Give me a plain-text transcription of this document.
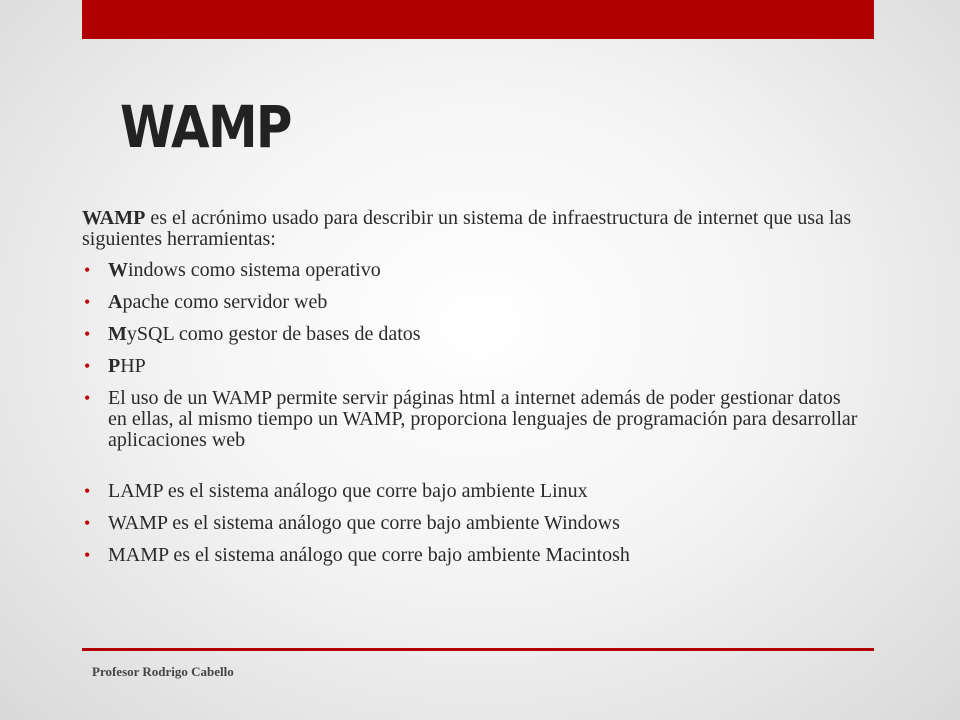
WAMP

WAMP es el acrónimo usado para describir un sistema de infraestructura de internet que usa las siguientes herramientas:

• Windows como sistema operativo
• Apache como servidor web
• MySQL como gestor de bases de datos
• PHP
• El uso de un WAMP permite servir páginas html a internet además de poder gestionar datos en ellas, al mismo tiempo un WAMP, proporciona lenguajes de programación para desarrollar aplicaciones web
• LAMP es el sistema análogo que corre bajo ambiente Linux
• WAMP es el sistema análogo que corre bajo ambiente Windows
• MAMP es el sistema análogo que corre bajo ambiente Macintosh
Profesor Rodrigo Cabello
